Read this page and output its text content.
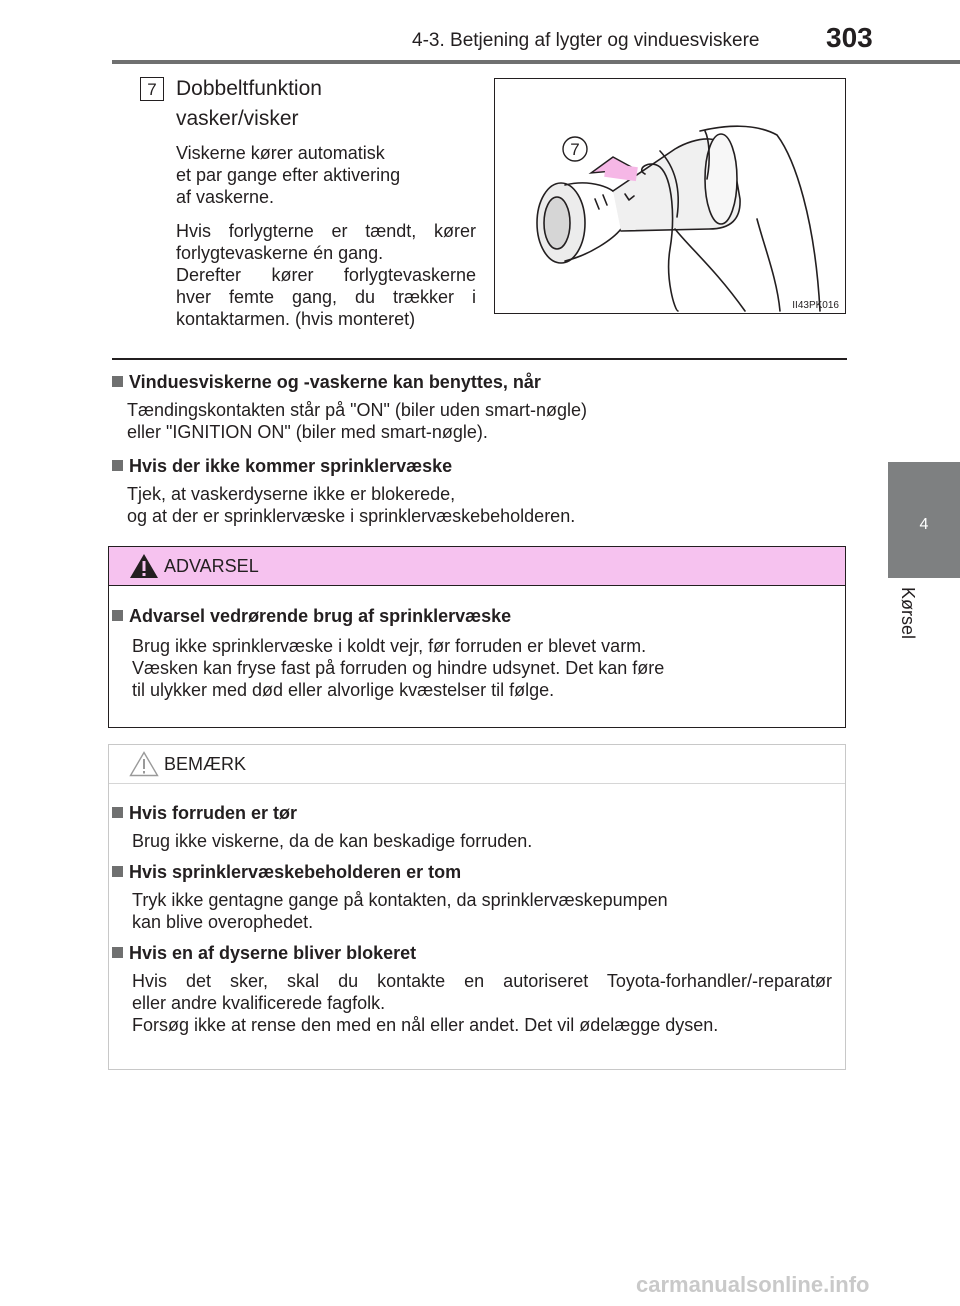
4-3. Betjening af lygter og vinduesviskere 303
4
Kørsel
7 Dobbeltfunktion
vasker/visker
Viskerne kører automatisk
et par gange efter aktivering
af vaskerne.
Hvis forlygterne er tændt, kører
forlygtevaskerne én gang.
Derefter kører forlygtevaskerne
hver femte gang, du trækker i
kontaktarmen. (hvis monteret)
7
II43PK016
Vinduesviskerne og -vaskerne kan benyttes, når
Tændingskontakten står på "ON" (biler uden smart-nøgle)
eller "IGNITION ON" (biler med smart-nøgle).
Hvis der ikke kommer sprinklervæske
Tjek, at vaskerdyserne ikke er blokerede,
og at der er sprinklervæske i sprinklervæskebeholderen.
ADVARSEL
Advarsel vedrørende brug af sprinklervæske
Brug ikke sprinklervæske i koldt vejr, før forruden er blevet varm.
Væsken kan fryse fast på forruden og hindre udsynet. Det kan føre
til ulykker med død eller alvorlige kvæstelser til følge.
BEMÆRK
Hvis forruden er tør
Brug ikke viskerne, da de kan beskadige forruden.
Hvis sprinklervæskebeholderen er tom
Tryk ikke gentagne gange på kontakten, da sprinklervæskepumpen
kan blive overophedet.
Hvis en af dyserne bliver blokeret
Hvis det sker, skal du kontakte en autoriseret Toyota-forhandler/-reparatør
eller andre kvalificerede fagfolk.
Forsøg ikke at rense den med en nål eller andet. Det vil ødelægge dysen.
carmanualsonline.info
